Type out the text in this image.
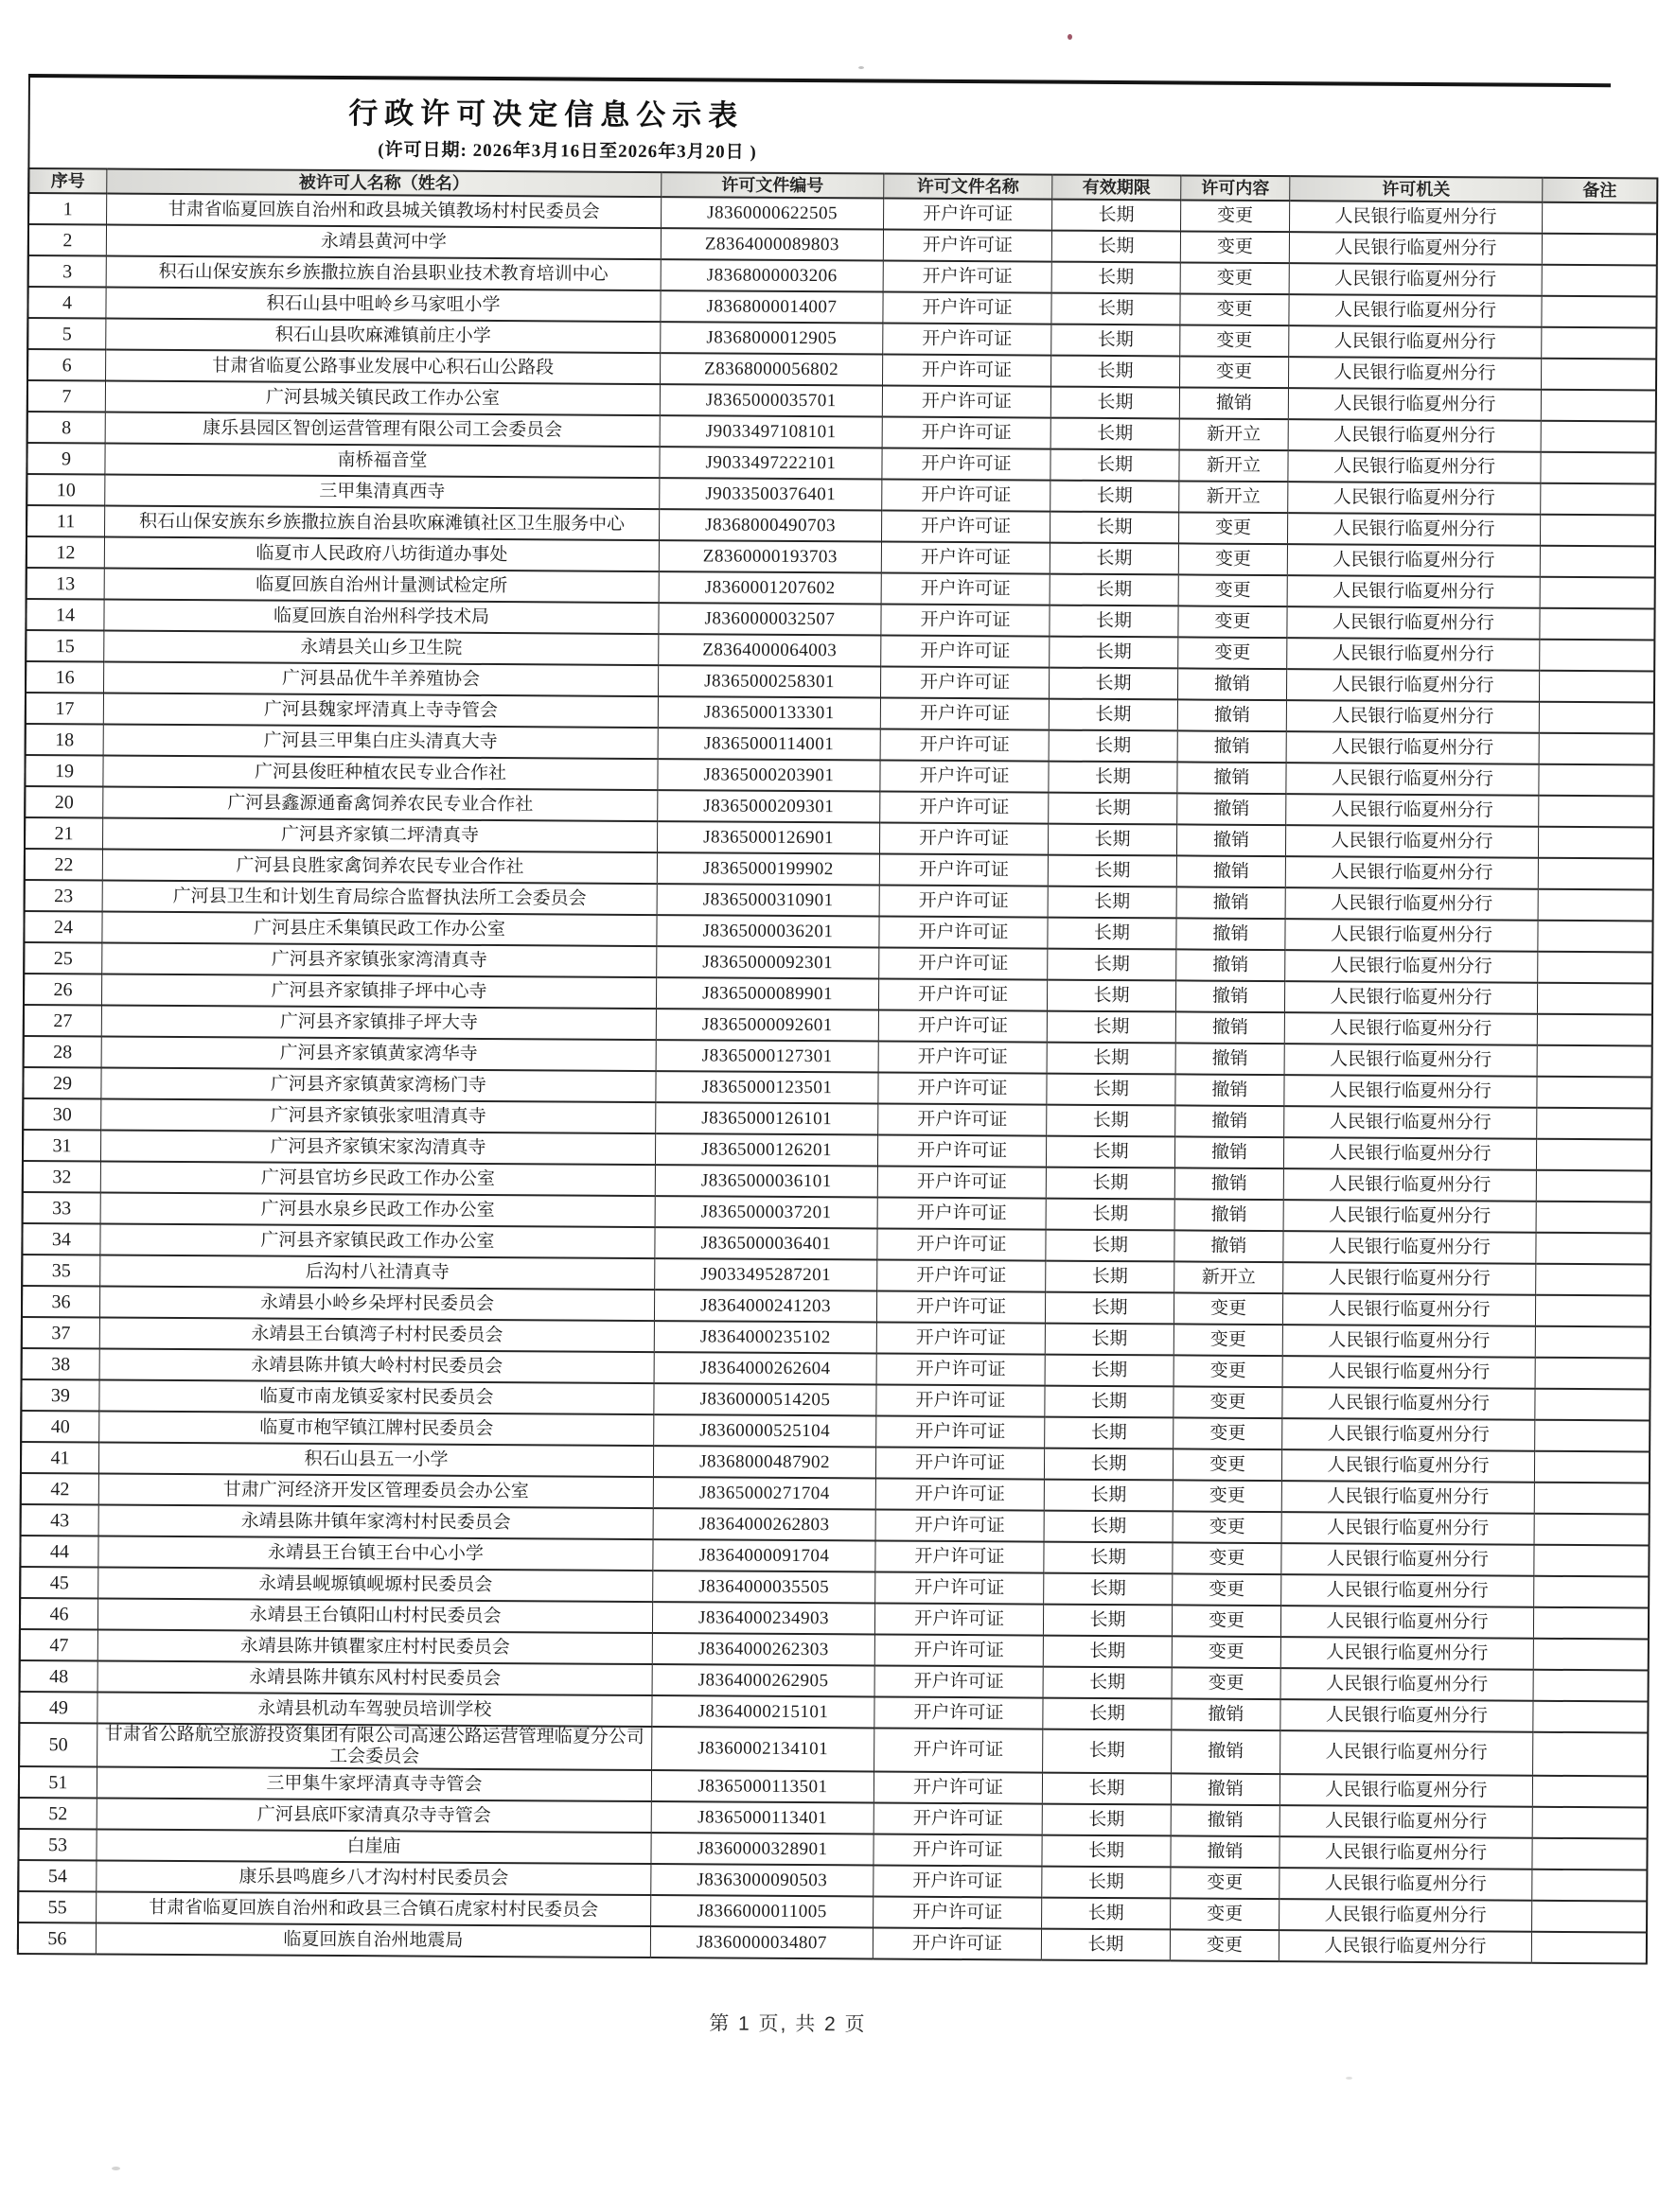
行政许可决定信息公示表
(许可日期: 2026年3月16日至2026年3月20日 )
序号	被许可人名称（姓名）	许可文件编号	许可文件名称	有效期限	许可内容	许可机关	备注
1	甘肃省临夏回族自治州和政县城关镇教场村村民委员会	J8360000622505	开户许可证	长期	变更	人民银行临夏州分行	
2	永靖县黄河中学	Z8364000089803	开户许可证	长期	变更	人民银行临夏州分行	
3	积石山保安族东乡族撒拉族自治县职业技术教育培训中心	J8368000003206	开户许可证	长期	变更	人民银行临夏州分行	
4	积石山县中咀岭乡马家咀小学	J8368000014007	开户许可证	长期	变更	人民银行临夏州分行	
5	积石山县吹麻滩镇前庄小学	J8368000012905	开户许可证	长期	变更	人民银行临夏州分行	
6	甘肃省临夏公路事业发展中心积石山公路段	Z8368000056802	开户许可证	长期	变更	人民银行临夏州分行	
7	广河县城关镇民政工作办公室	J8365000035701	开户许可证	长期	撤销	人民银行临夏州分行	
8	康乐县园区智创运营管理有限公司工会委员会	J9033497108101	开户许可证	长期	新开立	人民银行临夏州分行	
9	南桥福音堂	J9033497222101	开户许可证	长期	新开立	人民银行临夏州分行	
10	三甲集清真西寺	J9033500376401	开户许可证	长期	新开立	人民银行临夏州分行	
11	积石山保安族东乡族撒拉族自治县吹麻滩镇社区卫生服务中心	J8368000490703	开户许可证	长期	变更	人民银行临夏州分行	
12	临夏市人民政府八坊街道办事处	Z8360000193703	开户许可证	长期	变更	人民银行临夏州分行	
13	临夏回族自治州计量测试检定所	J8360001207602	开户许可证	长期	变更	人民银行临夏州分行	
14	临夏回族自治州科学技术局	J8360000032507	开户许可证	长期	变更	人民银行临夏州分行	
15	永靖县关山乡卫生院	Z8364000064003	开户许可证	长期	变更	人民银行临夏州分行	
16	广河县品优牛羊养殖协会	J8365000258301	开户许可证	长期	撤销	人民银行临夏州分行	
17	广河县魏家坪清真上寺寺管会	J8365000133301	开户许可证	长期	撤销	人民银行临夏州分行	
18	广河县三甲集白庄头清真大寺	J8365000114001	开户许可证	长期	撤销	人民银行临夏州分行	
19	广河县俊旺种植农民专业合作社	J8365000203901	开户许可证	长期	撤销	人民银行临夏州分行	
20	广河县鑫源通畜禽饲养农民专业合作社	J8365000209301	开户许可证	长期	撤销	人民银行临夏州分行	
21	广河县齐家镇二坪清真寺	J8365000126901	开户许可证	长期	撤销	人民银行临夏州分行	
22	广河县良胜家禽饲养农民专业合作社	J8365000199902	开户许可证	长期	撤销	人民银行临夏州分行	
23	广河县卫生和计划生育局综合监督执法所工会委员会	J8365000310901	开户许可证	长期	撤销	人民银行临夏州分行	
24	广河县庄禾集镇民政工作办公室	J8365000036201	开户许可证	长期	撤销	人民银行临夏州分行	
25	广河县齐家镇张家湾清真寺	J8365000092301	开户许可证	长期	撤销	人民银行临夏州分行	
26	广河县齐家镇排子坪中心寺	J8365000089901	开户许可证	长期	撤销	人民银行临夏州分行	
27	广河县齐家镇排子坪大寺	J8365000092601	开户许可证	长期	撤销	人民银行临夏州分行	
28	广河县齐家镇黄家湾华寺	J8365000127301	开户许可证	长期	撤销	人民银行临夏州分行	
29	广河县齐家镇黄家湾杨门寺	J8365000123501	开户许可证	长期	撤销	人民银行临夏州分行	
30	广河县齐家镇张家咀清真寺	J8365000126101	开户许可证	长期	撤销	人民银行临夏州分行	
31	广河县齐家镇宋家沟清真寺	J8365000126201	开户许可证	长期	撤销	人民银行临夏州分行	
32	广河县官坊乡民政工作办公室	J8365000036101	开户许可证	长期	撤销	人民银行临夏州分行	
33	广河县水泉乡民政工作办公室	J8365000037201	开户许可证	长期	撤销	人民银行临夏州分行	
34	广河县齐家镇民政工作办公室	J8365000036401	开户许可证	长期	撤销	人民银行临夏州分行	
35	后沟村八社清真寺	J9033495287201	开户许可证	长期	新开立	人民银行临夏州分行	
36	永靖县小岭乡朵坪村民委员会	J8364000241203	开户许可证	长期	变更	人民银行临夏州分行	
37	永靖县王台镇湾子村村民委员会	J8364000235102	开户许可证	长期	变更	人民银行临夏州分行	
38	永靖县陈井镇大岭村村民委员会	J8364000262604	开户许可证	长期	变更	人民银行临夏州分行	
39	临夏市南龙镇妥家村民委员会	J8360000514205	开户许可证	长期	变更	人民银行临夏州分行	
40	临夏市枹罕镇江牌村民委员会	J8360000525104	开户许可证	长期	变更	人民银行临夏州分行	
41	积石山县五一小学	J8368000487902	开户许可证	长期	变更	人民银行临夏州分行	
42	甘肃广河经济开发区管理委员会办公室	J8365000271704	开户许可证	长期	变更	人民银行临夏州分行	
43	永靖县陈井镇年家湾村村民委员会	J8364000262803	开户许可证	长期	变更	人民银行临夏州分行	
44	永靖县王台镇王台中心小学	J8364000091704	开户许可证	长期	变更	人民银行临夏州分行	
45	永靖县岘塬镇岘塬村民委员会	J8364000035505	开户许可证	长期	变更	人民银行临夏州分行	
46	永靖县王台镇阳山村村民委员会	J8364000234903	开户许可证	长期	变更	人民银行临夏州分行	
47	永靖县陈井镇瞿家庄村村民委员会	J8364000262303	开户许可证	长期	变更	人民银行临夏州分行	
48	永靖县陈井镇东风村村民委员会	J8364000262905	开户许可证	长期	变更	人民银行临夏州分行	
49	永靖县机动车驾驶员培训学校	J8364000215101	开户许可证	长期	撤销	人民银行临夏州分行	
50	甘肃省公路航空旅游投资集团有限公司高速公路运营管理临夏分公司工会委员会	J8360002134101	开户许可证	长期	撤销	人民银行临夏州分行	
51	三甲集牛家坪清真寺寺管会	J8365000113501	开户许可证	长期	撤销	人民银行临夏州分行	
52	广河县底吓家清真尕寺寺管会	J8365000113401	开户许可证	长期	撤销	人民银行临夏州分行	
53	白崖庙	J8360000328901	开户许可证	长期	撤销	人民银行临夏州分行	
54	康乐县鸣鹿乡八才沟村村民委员会	J8363000090503	开户许可证	长期	变更	人民银行临夏州分行	
55	甘肃省临夏回族自治州和政县三合镇石虎家村村民委员会	J8366000011005	开户许可证	长期	变更	人民银行临夏州分行	
56	临夏回族自治州地震局	J8360000034807	开户许可证	长期	变更	人民银行临夏州分行	
第 1 页, 共 2 页
